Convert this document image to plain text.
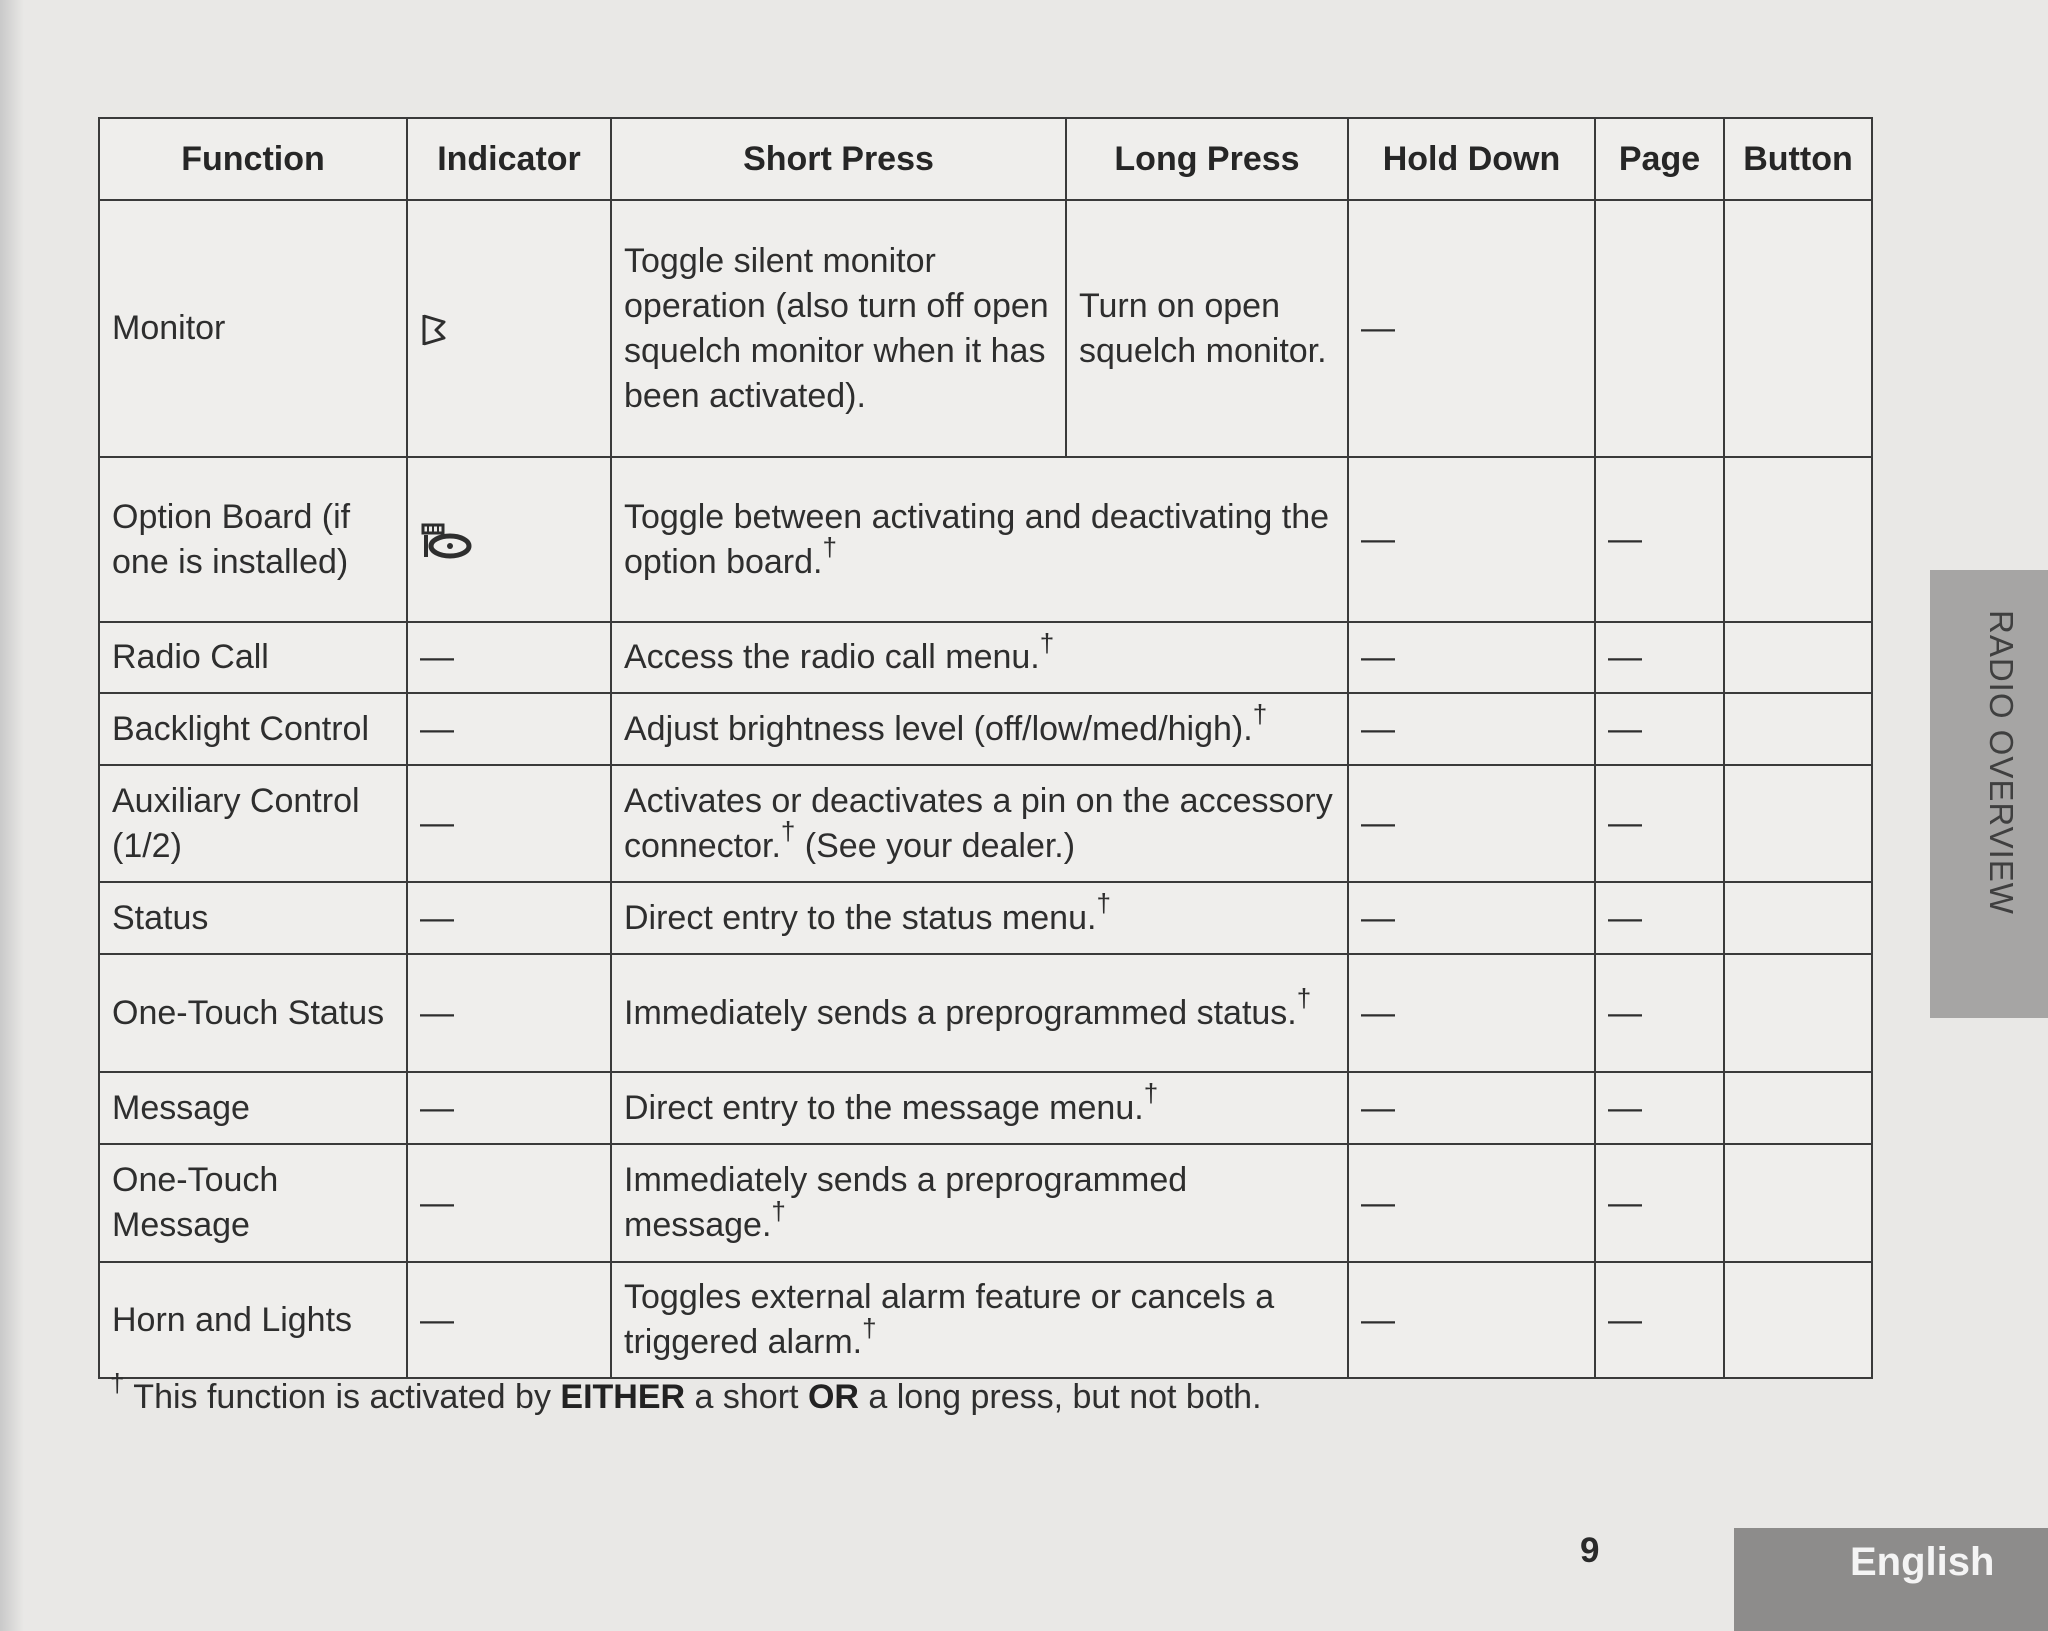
Function	Indicator	Short Press	Long Press	Hold Down	Page	Button
Monitor		Toggle silent monitor operation (also turn off open squelch monitor when it has been activated).	Turn on open squelch monitor.	—		
Option Board (if one is installed)		Toggle between activating and deactivating the option board.†		—	—	
Radio Call	—	Access the radio call menu.†		—	—	
Backlight Control	—	Adjust brightness level (off/low/med/high).†		—	—	
Auxiliary Control (1/2)	—	Activates or deactivates a pin on the accessory connector.† (See your dealer.)		—	—	
Status	—	Direct entry to the status menu.†		—	—	
One-Touch Status	—	Immediately sends a preprogrammed status.†		—	—	
Message	—	Direct entry to the message menu.†		—	—	
One-Touch Message	—	Immediately sends a preprogrammed message.†		—	—	
Horn and Lights	—	Toggles external alarm feature or cancels a triggered alarm.†		—	—	
† This function is activated by EITHER a short OR a long press, but not both.
RADIO OVERVIEW
9	English
